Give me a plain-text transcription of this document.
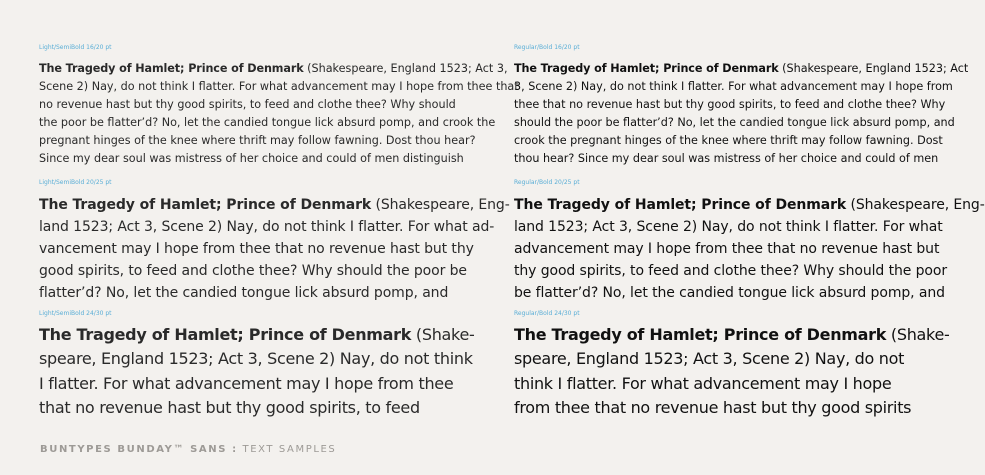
Light/SemiBold 16/20 pt
The Tragedy of Hamlet; Prince of Denmark (Shakespeare, England 1523; Act 3,
Scene 2) Nay, do not think I flatter. For what advancement may I hope from thee that
no revenue hast but thy good spirits, to feed and clothe thee? Why should
the poor be flatter’d? No, let the candied tongue lick absurd pomp, and crook the
pregnant hinges of the knee where thrift may follow fawning. Dost thou hear?
Since my dear soul was mistress of her choice and could of men distinguish
Light/SemiBold 20/25 pt
The Tragedy of Hamlet; Prince of Denmark (Shakespeare, Eng-
land 1523; Act 3, Scene 2) Nay, do not think I flatter. For what ad-
vancement may I hope from thee that no revenue hast but thy
good spirits, to feed and clothe thee? Why should the poor be
flatter’d? No, let the candied tongue lick absurd pomp, and
Light/SemiBold 24/30 pt
The Tragedy of Hamlet; Prince of Denmark (Shake-
speare, England 1523; Act 3, Scene 2) Nay, do not think
I flatter. For what advancement may I hope from thee
that no revenue hast but thy good spirits, to feed
Regular/Bold 16/20 pt
The Tragedy of Hamlet; Prince of Denmark (Shakespeare, England 1523; Act
3, Scene 2) Nay, do not think I flatter. For what advancement may I hope from
thee that no revenue hast but thy good spirits, to feed and clothe thee? Why
should the poor be flatter’d? No, let the candied tongue lick absurd pomp, and
crook the pregnant hinges of the knee where thrift may follow fawning. Dost
thou hear? Since my dear soul was mistress of her choice and could of men
Regular/Bold 20/25 pt
The Tragedy of Hamlet; Prince of Denmark (Shakespeare, Eng-
land 1523; Act 3, Scene 2) Nay, do not think I flatter. For what
advancement may I hope from thee that no revenue hast but
thy good spirits, to feed and clothe thee? Why should the poor
be flatter’d? No, let the candied tongue lick absurd pomp, and
Regular/Bold 24/30 pt
The Tragedy of Hamlet; Prince of Denmark (Shake-
speare, England 1523; Act 3, Scene 2) Nay, do not
think I flatter. For what advancement may I hope
from thee that no revenue hast but thy good spirits
BUNTYPES BUNDAY™ SANS : TEXT SAMPLES
